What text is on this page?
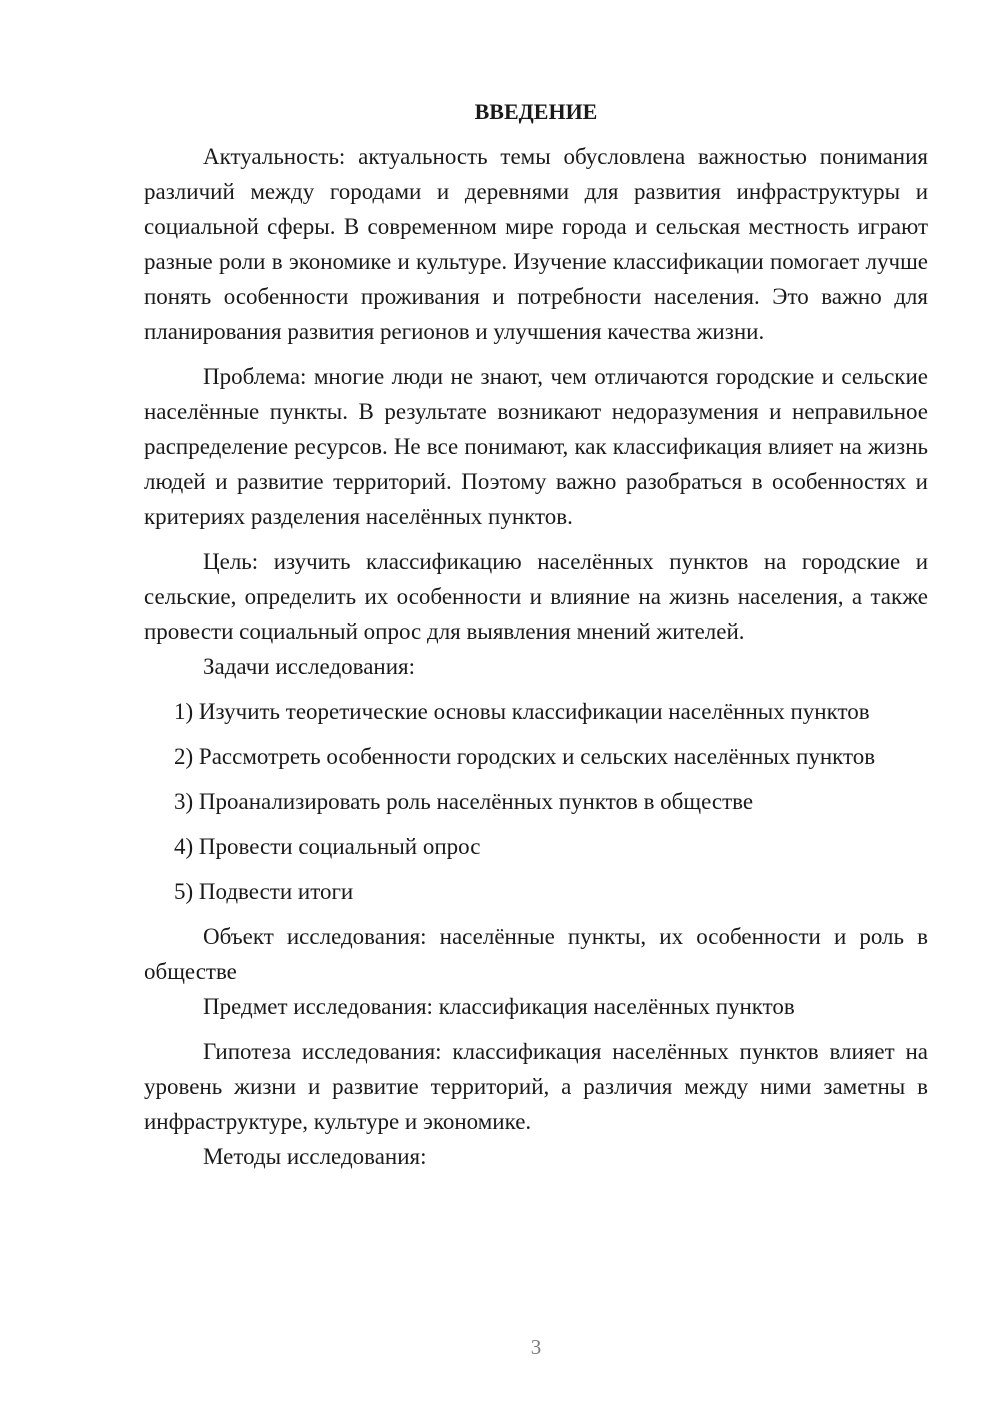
ВВЕДЕНИЕ

Актуальность: актуальность темы обусловлена важностью понимания различий между городами и деревнями для развития инфраструктуры и социальной сферы. В современном мире города и сельская местность играют разные роли в экономике и культуре. Изучение классификации помогает лучше понять особенности проживания и потребности населения. Это важно для планирования развития регионов и улучшения качества жизни.

Проблема: многие люди не знают, чем отличаются городские и сельские населённые пункты. В результате возникают недоразумения и неправильное распределение ресурсов. Не все понимают, как классификация влияет на жизнь людей и развитие территорий. Поэтому важно разобраться в особенностях и критериях разделения населённых пунктов.

Цель: изучить классификацию населённых пунктов на городские и сельские, определить их особенности и влияние на жизнь населения, а также провести социальный опрос для выявления мнений жителей.

Задачи исследования:

1) Изучить теоретические основы классификации населённых пунктов
2) Рассмотреть особенности городских и сельских населённых пунктов
3) Проанализировать роль населённых пунктов в обществе
4) Провести социальный опрос
5) Подвести итоги

Объект исследования: населённые пункты, их особенности и роль в обществе

Предмет исследования: классификация населённых пунктов

Гипотеза исследования: классификация населённых пунктов влияет на уровень жизни и развитие территорий, а различия между ними заметны в инфраструктуре, культуре и экономике.

Методы исследования:

3
